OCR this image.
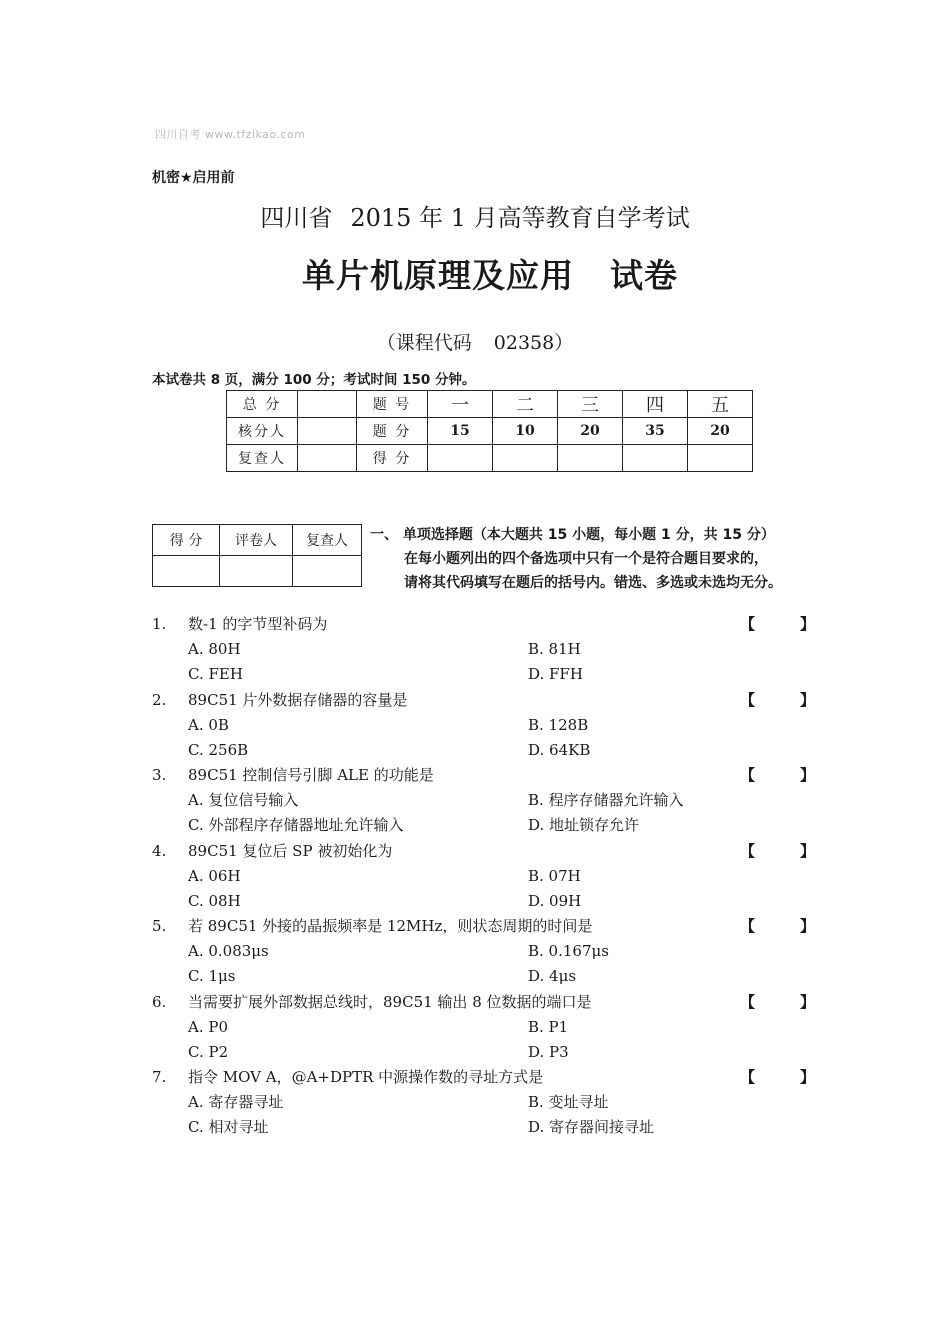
四川自考 www.tfzikao.com
机密★启用前
四川省 2015 年 1 月高等教育自学考试
单片机原理及应用 试卷
（课程代码 02358）
本试卷共 8 页，满分 100 分；考试时间 150 分钟。
总 分		题 号	一	二	三	四	五
核分人		题 分	15	10	20	35	20
复查人		得 分					
得 分	评卷人	复查人
		一、 单项选择题（本大题共 15 小题，每小题 1 分，共 15 分）
在每小题列出的四个备选项中只有一个是符合题目要求的，
请将其代码填写在题后的括号内。错选、多选或未选均无分。
1. 数-1 的字节型补码为	【	】
A. 80H	B. 81H
C. FEH	D. FFH
2. 89C51 片外数据存储器的容量是	【	】
A. 0B	B. 128B
C. 256B	D. 64KB
3. 89C51 控制信号引脚 ALE 的功能是	【	】
A. 复位信号输入	B. 程序存储器允许输入
C. 外部程序存储器地址允许输入	D. 地址锁存允许
4. 89C51 复位后 SP 被初始化为	【	】
A. 06H	B. 07H
C. 08H	D. 09H
5. 若 89C51 外接的晶振频率是 12MHz，则状态周期的时间是	【	】
A. 0.083μs	B. 0.167μs
C. 1μs	D. 4μs
6. 当需要扩展外部数据总线时，89C51 输出 8 位数据的端口是	【	】
A. P0	B. P1
C. P2	D. P3
7. 指令 MOV A，@A+DPTR 中源操作数的寻址方式是	【	】
A. 寄存器寻址	B. 变址寻址
C. 相对寻址	D. 寄存器间接寻址
